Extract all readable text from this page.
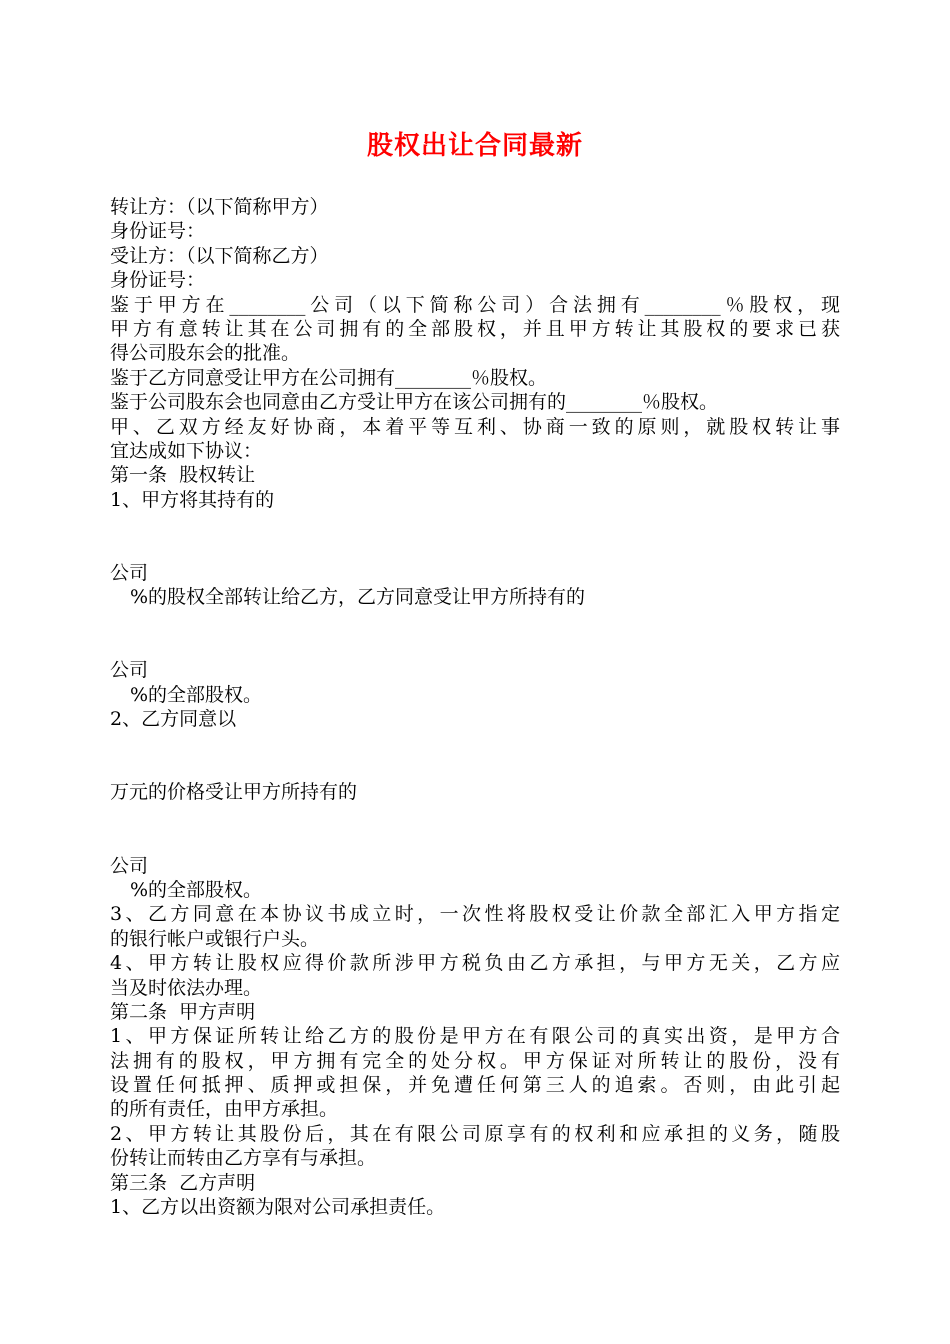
股权出让合同最新
转让方：（以下简称甲方）
身份证号：
受让方：（以下简称乙方）
身份证号：
鉴于甲方在________公司（以下简称公司）合法拥有________％股权，现
甲方有意转让其在公司拥有的全部股权，并且甲方转让其股权的要求已获
得公司股东会的批准。
鉴于乙方同意受让甲方在公司拥有________％股权。
鉴于公司股东会也同意由乙方受让甲方在该公司拥有的________％股权。
甲、乙双方经友好协商，本着平等互利、协商一致的原则，就股权转让事
宜达成如下协议：
第一条  股权转让
1、甲方将其持有的
公司
%的股权全部转让给乙方，乙方同意受让甲方所持有的
公司
%的全部股权。
2、乙方同意以
万元的价格受让甲方所持有的
公司
%的全部股权。
3、乙方同意在本协议书成立时，一次性将股权受让价款全部汇入甲方指定
的银行帐户或银行户头。
4、甲方转让股权应得价款所涉甲方税负由乙方承担，与甲方无关，乙方应
当及时依法办理。
第二条  甲方声明
1、甲方保证所转让给乙方的股份是甲方在有限公司的真实出资，是甲方合
法拥有的股权，甲方拥有完全的处分权。甲方保证对所转让的股份，没有
设置任何抵押、质押或担保，并免遭任何第三人的追索。否则，由此引起
的所有责任，由甲方承担。
2、甲方转让其股份后，其在有限公司原享有的权利和应承担的义务，随股
份转让而转由乙方享有与承担。
第三条  乙方声明
1、乙方以出资额为限对公司承担责任。
